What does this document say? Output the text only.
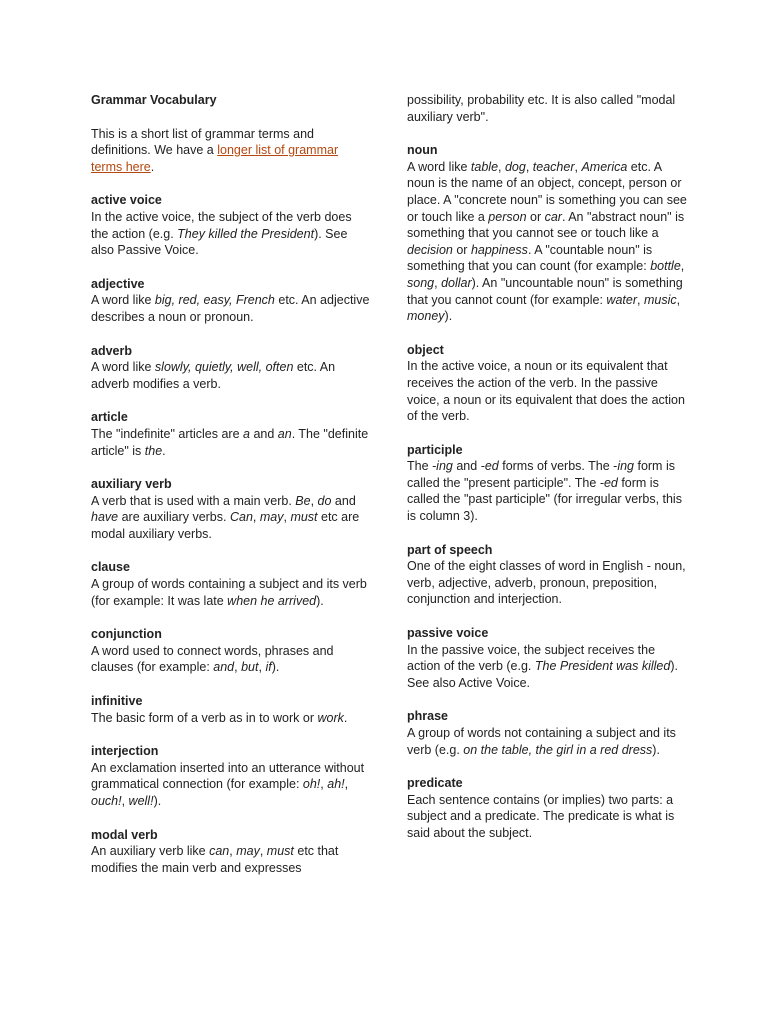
Grammar Vocabulary
This is a short list of grammar terms and definitions. We have a longer list of grammar terms here.
active voice
In the active voice, the subject of the verb does the action (e.g. They killed the President). See also Passive Voice.
adjective
A word like big, red, easy, French etc. An adjective describes a noun or pronoun.
adverb
A word like slowly, quietly, well, often etc. An adverb modifies a verb.
article
The "indefinite" articles are a and an. The "definite article" is the.
auxiliary verb
A verb that is used with a main verb. Be, do and have are auxiliary verbs. Can, may, must etc are modal auxiliary verbs.
clause
A group of words containing a subject and its verb (for example: It was late when he arrived).
conjunction
A word used to connect words, phrases and clauses (for example: and, but, if).
infinitive
The basic form of a verb as in to work or work.
interjection
An exclamation inserted into an utterance without grammatical connection (for example: oh!, ah!, ouch!, well!).
modal verb
An auxiliary verb like can, may, must etc that modifies the main verb and expresses
possibility, probability etc. It is also called "modal auxiliary verb".
noun
A word like table, dog, teacher, America etc. A noun is the name of an object, concept, person or place. A "concrete noun" is something you can see or touch like a person or car. An "abstract noun" is something that you cannot see or touch like a decision or happiness. A "countable noun" is something that you can count (for example: bottle, song, dollar). An "uncountable noun" is something that you cannot count (for example: water, music, money).
object
In the active voice, a noun or its equivalent that receives the action of the verb. In the passive voice, a noun or its equivalent that does the action of the verb.
participle
The -ing and -ed forms of verbs. The -ing form is called the "present participle". The -ed form is called the "past participle" (for irregular verbs, this is column 3).
part of speech
One of the eight classes of word in English - noun, verb, adjective, adverb, pronoun, preposition, conjunction and interjection.
passive voice
In the passive voice, the subject receives the action of the verb (e.g. The President was killed). See also Active Voice.
phrase
A group of words not containing a subject and its verb (e.g. on the table, the girl in a red dress).
predicate
Each sentence contains (or implies) two parts: a subject and a predicate. The predicate is what is said about the subject.
